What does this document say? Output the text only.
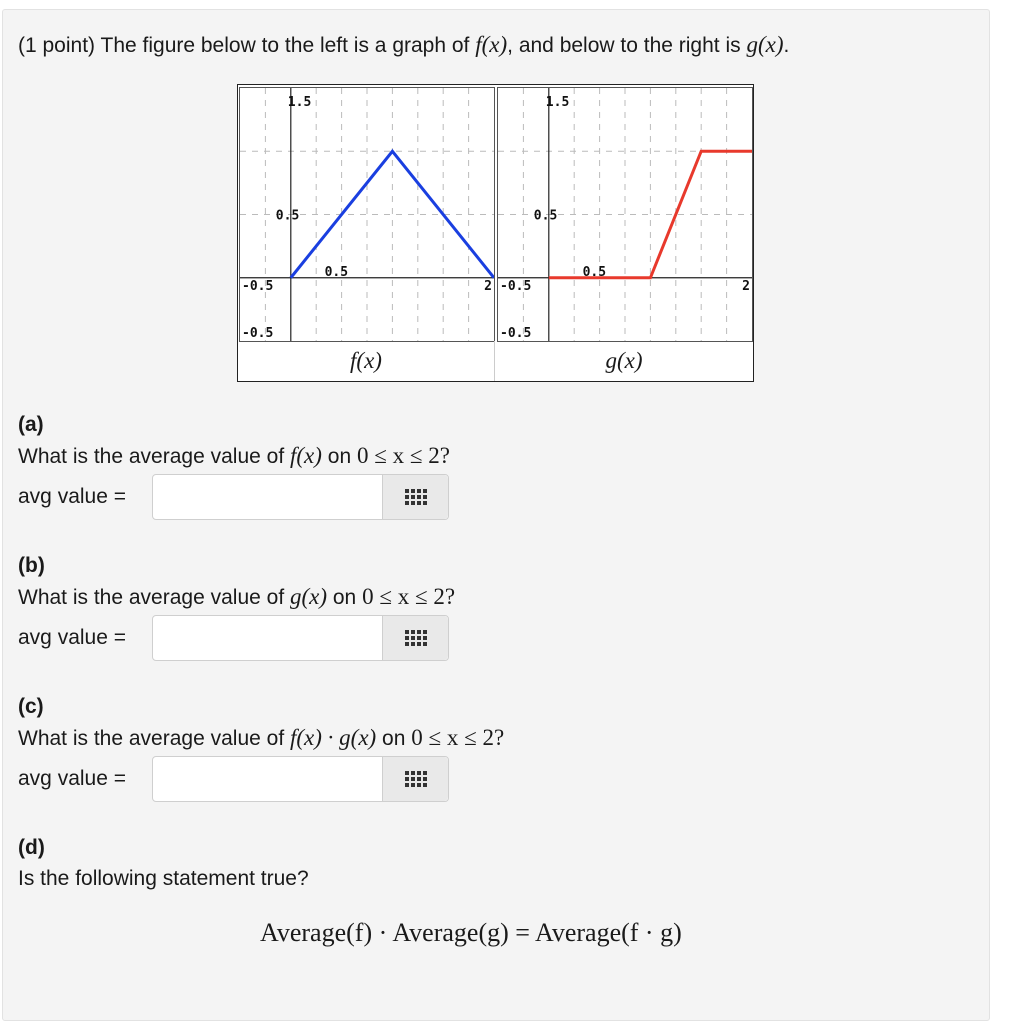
(1 point) The figure below to the left is a graph of f(x), and below to the right is g(x).
1.5
0.5
-0.5
0.5
2
-0.5
1.5
0.5
-0.5
0.5
2
-0.5
f(x)	g(x)
(a)
What is the average value of f(x) on 0 ≤ x ≤ 2?
avg value =
(b)
What is the average value of g(x) on 0 ≤ x ≤ 2?
avg value =
(c)
What is the average value of f(x) · g(x) on 0 ≤ x ≤ 2?
avg value =
(d)
Is the following statement true?
Average(f) · Average(g) = Average(f · g)
